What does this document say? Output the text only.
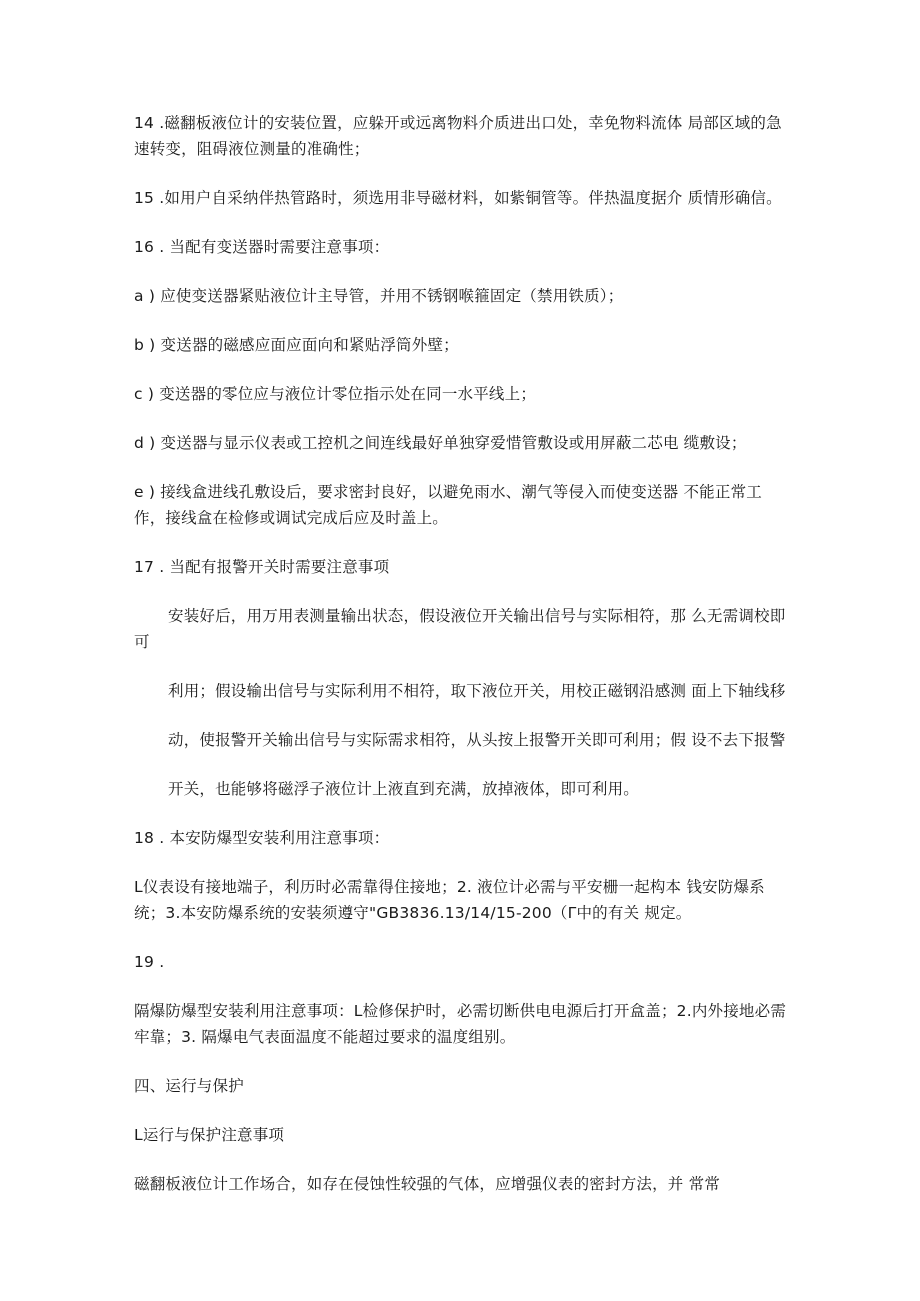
14 .磁翻板液位计的安装位置，应躲开或远离物料介质进出口处，幸免物料流体 局部区域的急速转变，阻碍液位测量的准确性；

15 .如用户自采纳伴热管路时，须选用非导磁材料，如紫铜管等。伴热温度据介 质情形确信。

16 . 当配有变送器时需要注意事项：

a ) 应使变送器紧贴液位计主导管，并用不锈钢喉箍固定（禁用铁质）；

b ) 变送器的磁感应面应面向和紧贴浮筒外壁；

c ) 变送器的零位应与液位计零位指示处在同一水平线上；

d ) 变送器与显示仪表或工控机之间连线最好单独穿爱惜管敷设或用屏蔽二芯电 缆敷设；

e ) 接线盒进线孔敷设后，要求密封良好，以避免雨水、潮气等侵入而使变送器 不能正常工作，接线盒在检修或调试完成后应及时盖上。

17 . 当配有报警开关时需要注意事项

安装好后，用万用表测量输出状态，假设液位开关输出信号与实际相符，那 么无需调校即可

利用；假设输出信号与实际利用不相符，取下液位开关，用校正磁钢沿感测 面上下轴线移

动，使报警开关输出信号与实际需求相符，从头按上报警开关即可利用；假 设不去下报警

开关，也能够将磁浮子液位计上液直到充满，放掉液体，即可利用。

18 . 本安防爆型安装利用注意事项：

L仪表设有接地端子，利历时必需靠得住接地；2. 液位计必需与平安栅一起构本 钱安防爆系统；3.本安防爆系统的安装须遵守"GB3836.13/14/15-200（Γ中的有关 规定。

19 .

隔爆防爆型安装利用注意事项：L检修保护时，必需切断供电电源后打开盒盖；2.内外接地必需牢靠；3. 隔爆电气表面温度不能超过要求的温度组别。

四、运行与保护

L运行与保护注意事项

磁翻板液位计工作场合，如存在侵蚀性较强的气体，应增强仪表的密封方法，并 常常
